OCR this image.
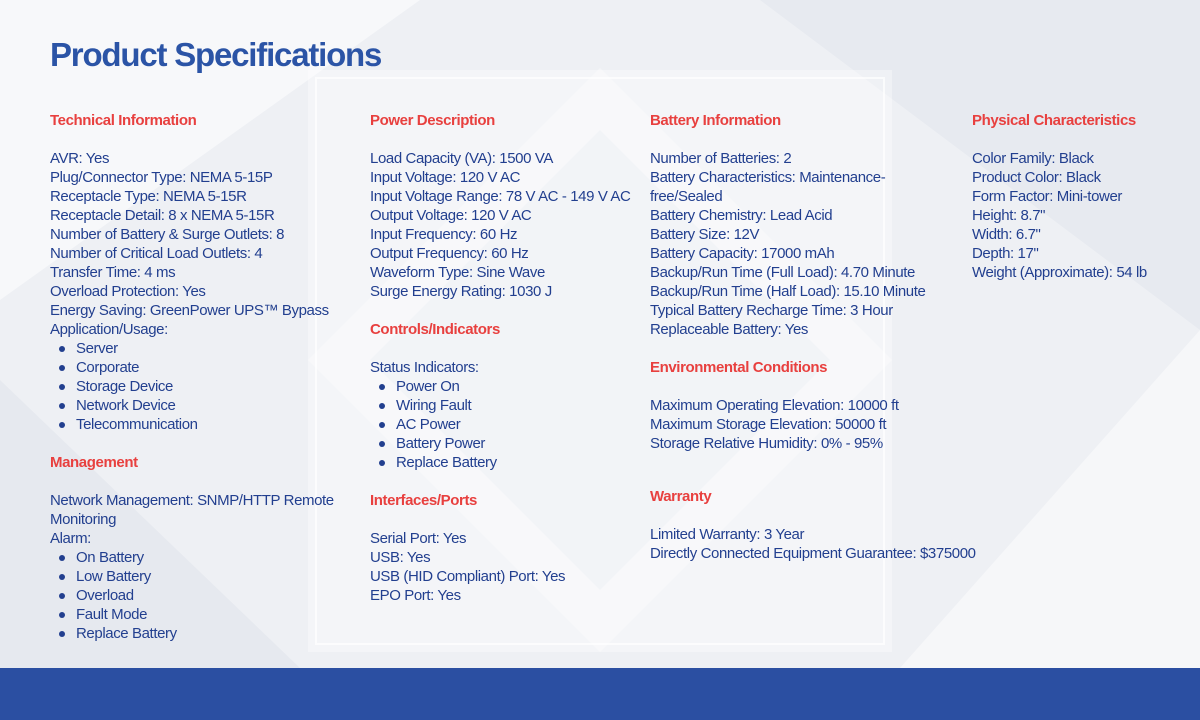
Product Specifications
Technical Information
AVR: Yes
Plug/Connector Type: NEMA 5-15P
Receptacle Type: NEMA 5-15R
Receptacle Detail: 8 x NEMA 5-15R
Number of Battery & Surge Outlets: 8
Number of Critical Load Outlets: 4
Transfer Time: 4 ms
Overload Protection: Yes
Energy Saving: GreenPower UPS™ Bypass
Application/Usage:
Server
Corporate
Storage Device
Network Device
Telecommunication
Management
Network Management: SNMP/HTTP Remote Monitoring
Alarm:
On Battery
Low Battery
Overload
Fault Mode
Replace Battery
Power Description
Load Capacity (VA): 1500 VA
Input Voltage: 120 V AC
Input Voltage Range: 78 V AC - 149 V AC
Output Voltage: 120 V AC
Input Frequency: 60 Hz
Output Frequency: 60 Hz
Waveform Type: Sine Wave
Surge Energy Rating: 1030 J
Controls/Indicators
Status Indicators:
Power On
Wiring Fault
AC Power
Battery Power
Replace Battery
Interfaces/Ports
Serial Port: Yes
USB: Yes
USB (HID Compliant) Port: Yes
EPO Port: Yes
Battery Information
Number of Batteries: 2
Battery Characteristics: Maintenance-free/Sealed
Battery Chemistry: Lead Acid
Battery Size: 12V
Battery Capacity: 17000 mAh
Backup/Run Time (Full Load): 4.70 Minute
Backup/Run Time (Half Load): 15.10 Minute
Typical Battery Recharge Time: 3 Hour
Replaceable Battery: Yes
Environmental Conditions
Maximum Operating Elevation: 10000 ft
Maximum Storage Elevation: 50000 ft
Storage Relative Humidity: 0% - 95%
Warranty
Limited Warranty: 3 Year
Directly Connected Equipment Guarantee: $375000
Physical Characteristics
Color Family: Black
Product Color: Black
Form Factor: Mini-tower
Height: 8.7"
Width: 6.7"
Depth: 17"
Weight (Approximate): 54 lb
